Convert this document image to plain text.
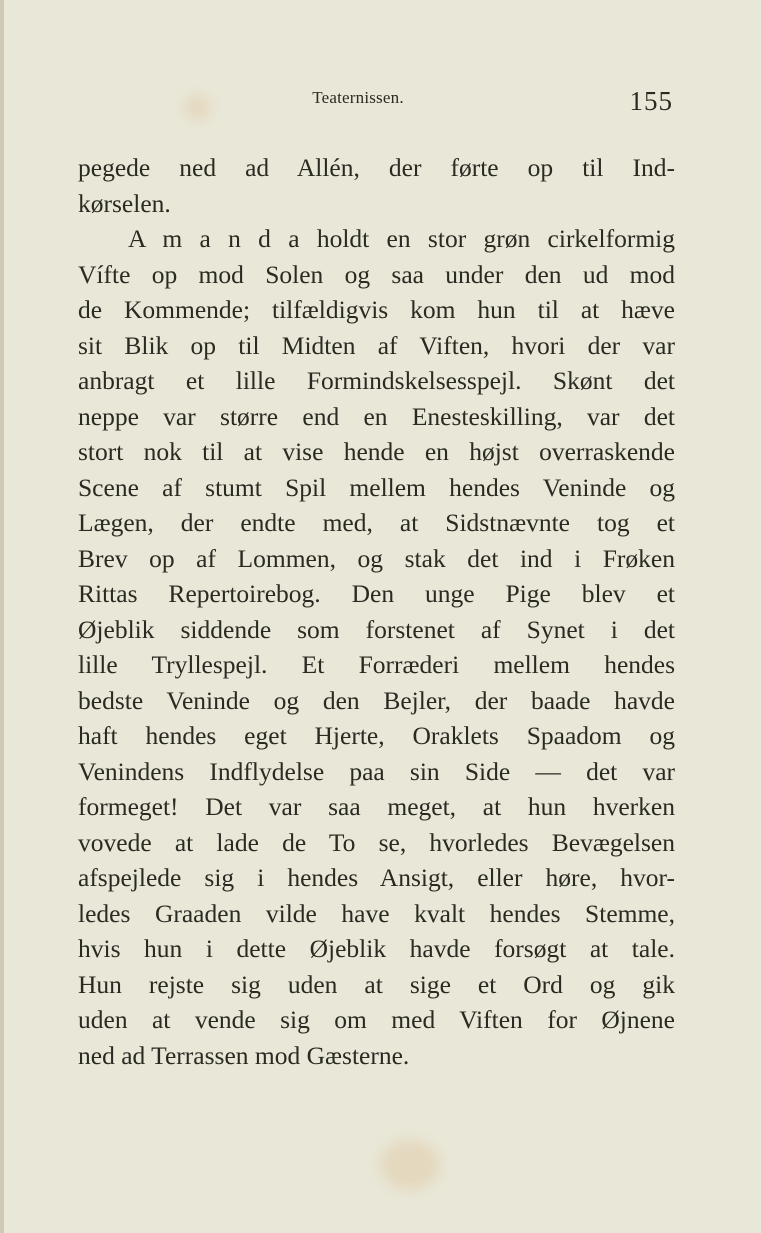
Teaternissen.	155
pegede ned ad Allén, der førte op til Ind-
kørselen.
A m a n d a holdt en stor grøn cirkelformig
Vífte op mod Solen og saa under den ud mod
de Kommende; tilfældigvis kom hun til at hæve
sit Blik op til Midten af Viften, hvori der var
anbragt et lille Formindskelsesspejl. Skønt det
neppe var større end en Enesteskilling, var det
stort nok til at vise hende en højst overraskende
Scene af stumt Spil mellem hendes Veninde og
Lægen, der endte med, at Sidstnævnte tog et
Brev op af Lommen, og stak det ind i Frøken
Rittas Repertoirebog. Den unge Pige blev et
Øjeblik siddende som forstenet af Synet i det
lille Tryllespejl. Et Forræderi mellem hendes
bedste Veninde og den Bejler, der baade havde
haft hendes eget Hjerte, Oraklets Spaadom og
Venindens Indflydelse paa sin Side — det var
formeget! Det var saa meget, at hun hverken
vovede at lade de To se, hvorledes Bevægelsen
afspejlede sig i hendes Ansigt, eller høre, hvor-
ledes Graaden vilde have kvalt hendes Stemme,
hvis hun i dette Øjeblik havde forsøgt at tale.
Hun rejste sig uden at sige et Ord og gik
uden at vende sig om med Viften for Øjnene
ned ad Terrassen mod Gæsterne.
